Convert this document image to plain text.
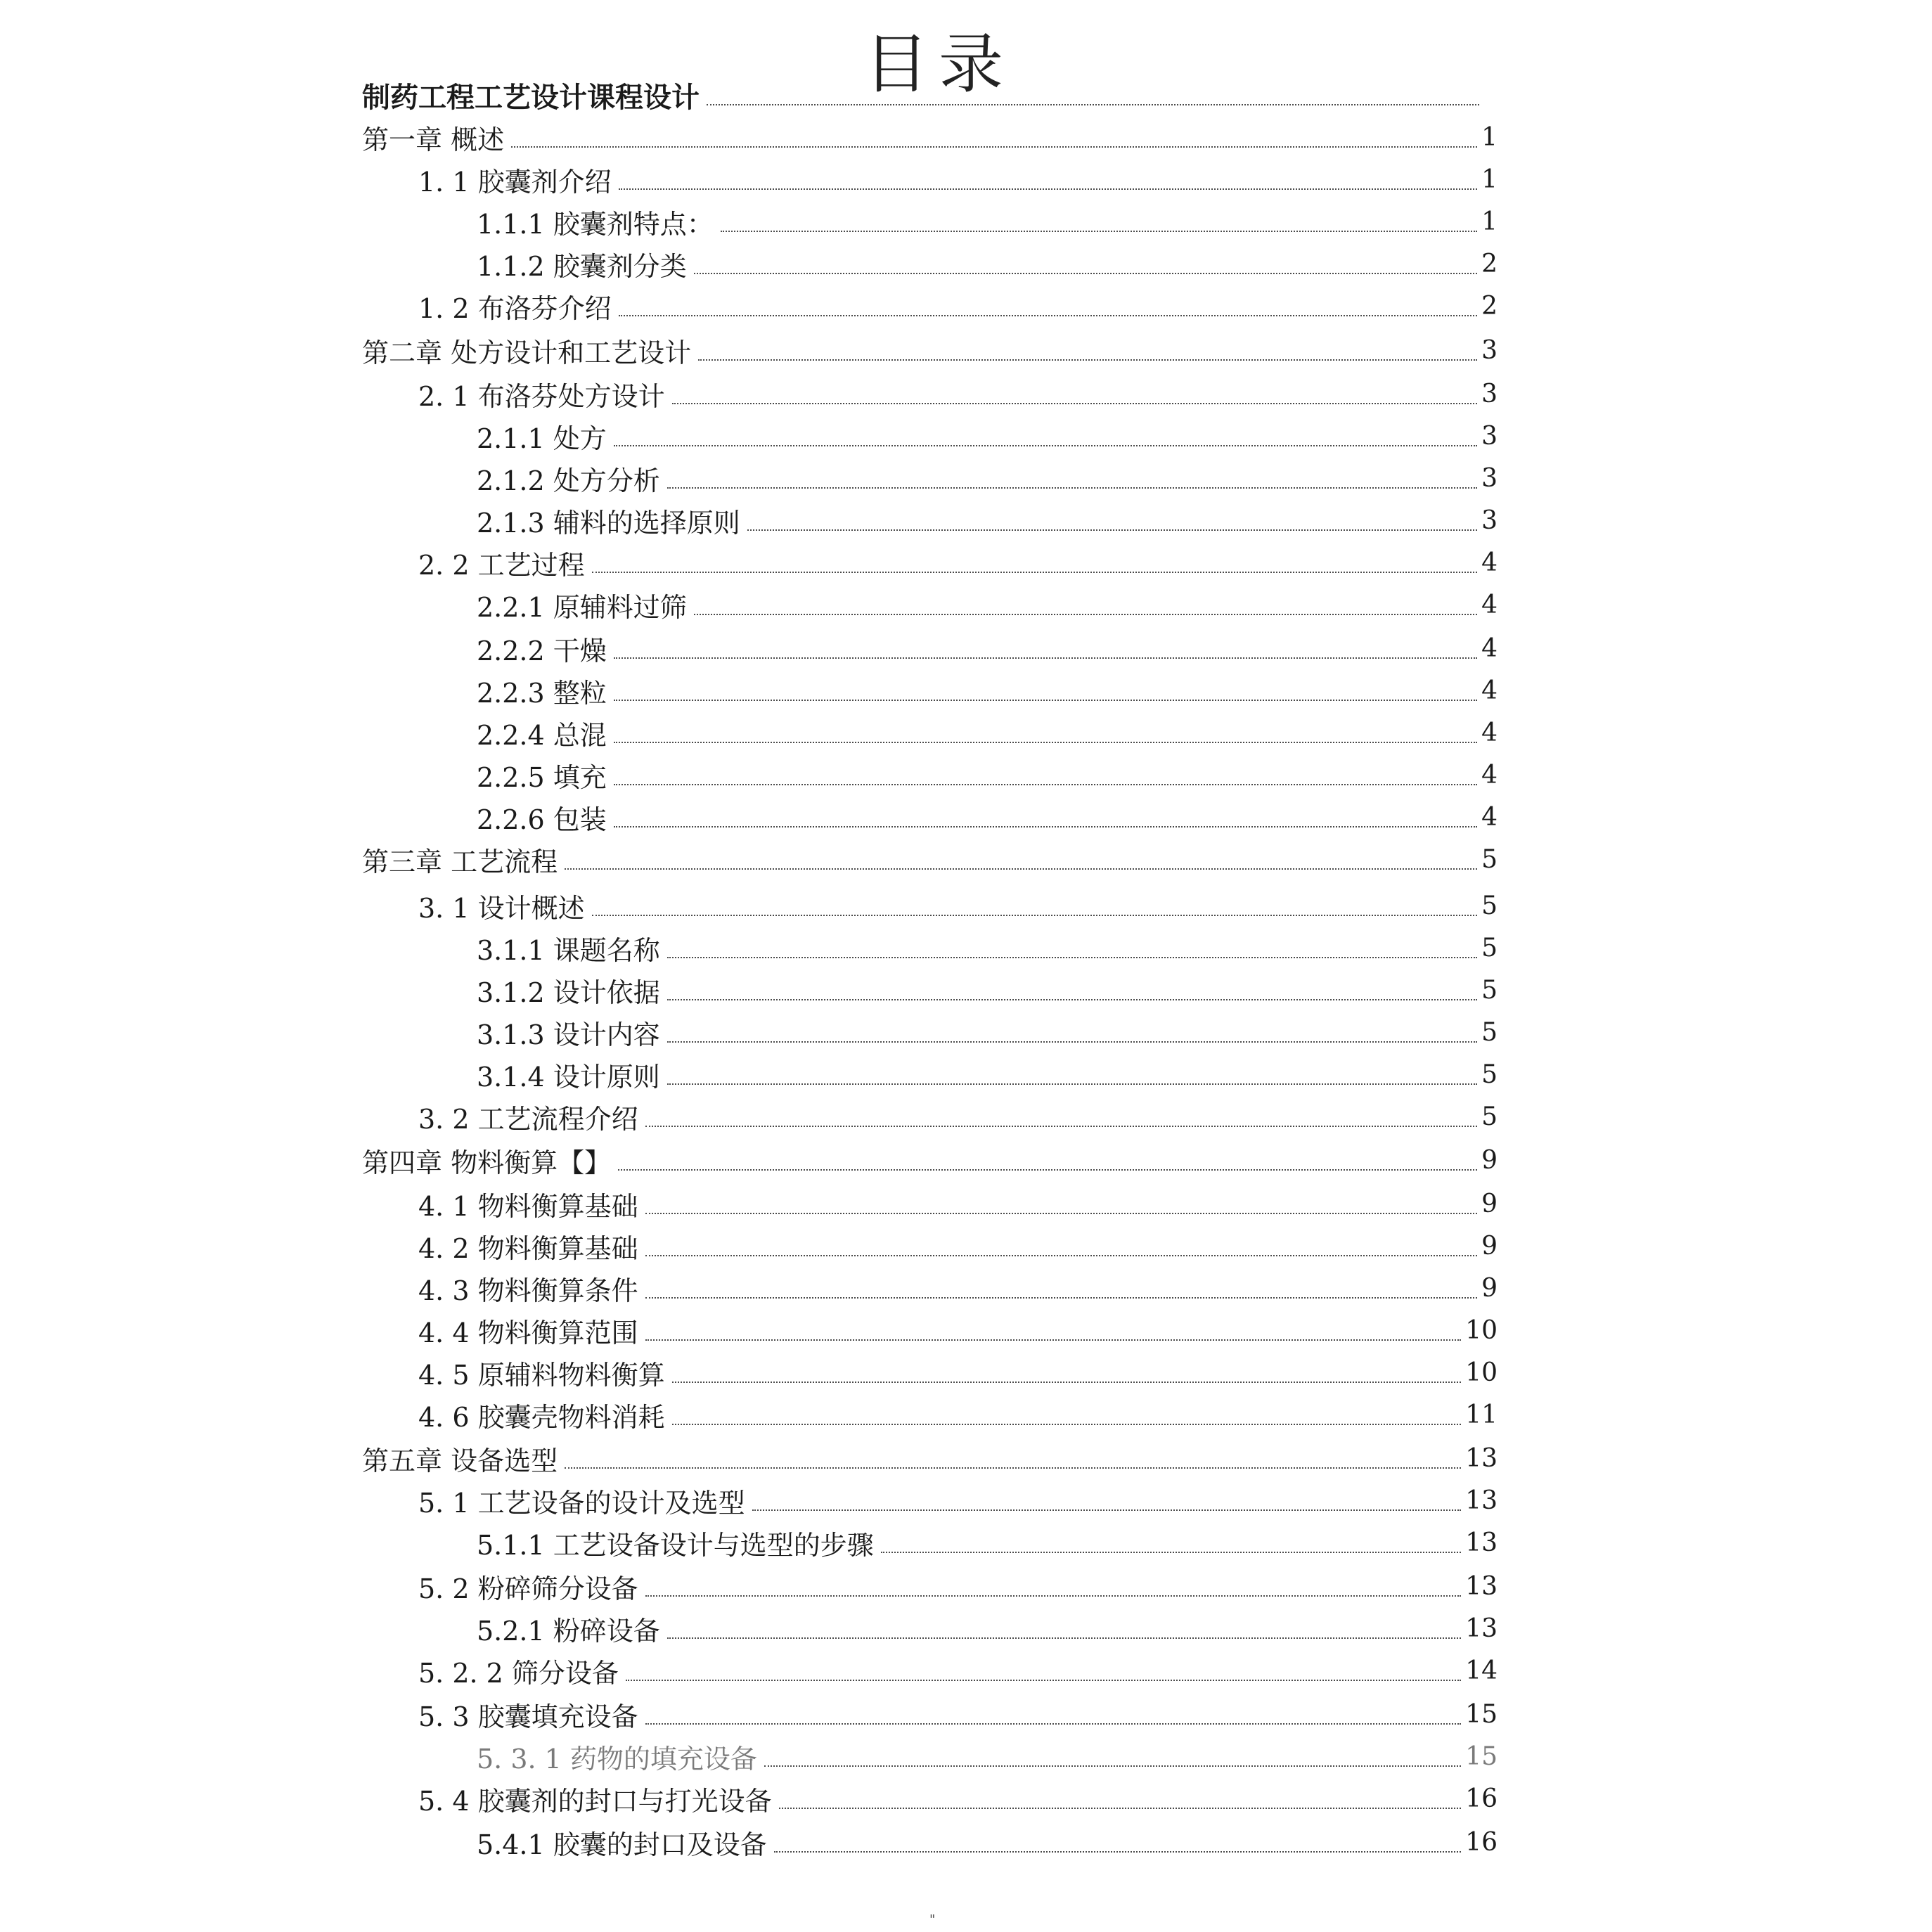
目录
制药工程工艺设计课程设计
第一章 概述	1
1. 1 胶囊剂介绍	1
1.1.1 胶囊剂特点：	1
1.1.2 胶囊剂分类	2
1. 2 布洛芬介绍	2
第二章 处方设计和工艺设计	3
2. 1 布洛芬处方设计	3
2.1.1 处方	3
2.1.2 处方分析	3
2.1.3 辅料的选择原则	3
2. 2 工艺过程	4
2.2.1 原辅料过筛	4
2.2.2 干燥	4
2.2.3 整粒	4
2.2.4 总混	4
2.2.5 填充	4
2.2.6 包装	4
第三章 工艺流程	5
3. 1 设计概述	5
3.1.1 课题名称	5
3.1.2 设计依据	5
3.1.3 设计内容	5
3.1.4 设计原则	5
3. 2 工艺流程介绍	5
第四章 物料衡算【】	9
4. 1 物料衡算基础	9
4. 2 物料衡算基础	9
4. 3 物料衡算条件	9
4. 4 物料衡算范围	10
4. 5 原辅料物料衡算	10
4. 6 胶囊壳物料消耗	11
第五章 设备选型	13
5. 1 工艺设备的设计及选型	13
5.1.1 工艺设备设计与选型的步骤	13
5. 2 粉碎筛分设备	13
5.2.1 粉碎设备	13
5. 2. 2 筛分设备	14
5. 3 胶囊填充设备	15
5. 3. 1 药物的填充设备	15
5. 4 胶囊剂的封口与打光设备	16
5.4.1 胶囊的封口及设备	16
"
